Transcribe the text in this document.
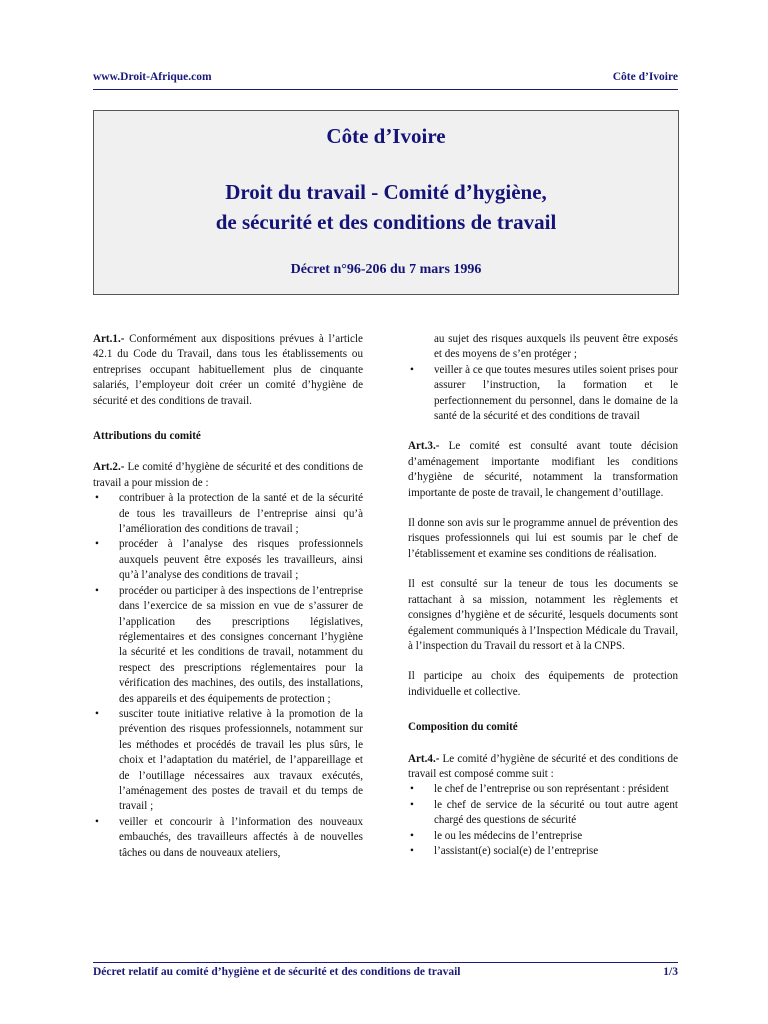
www.Droit-Afrique.com	Côte d’Ivoire
Côte d’Ivoire
Droit du travail - Comité d’hygiène,
de sécurité et des conditions de travail
Décret n°96-206 du 7 mars 1996

Art.1.- Conformément aux dispositions prévues à l’article 42.1 du Code du Travail, dans tous les établissements ou entreprises occupant habituellement plus de cinquante salariés, l’employeur doit créer un comité d’hygiène de sécurité et des conditions de travail.

Attributions du comité

Art.2.- Le comité d’hygiène de sécurité et des conditions de travail a pour mission de :

• contribuer à la protection de la santé et de la sécurité de tous les travailleurs de l’entreprise ainsi qu’à l’amélioration des conditions de travail ;
• procéder à l’analyse des risques professionnels auxquels peuvent être exposés les travailleurs, ainsi qu’à l’analyse des conditions de travail ;
• procéder ou participer à des inspections de l’entreprise dans l’exercice de sa mission en vue de s’assurer de l’application des prescriptions législatives, réglementaires et des consignes concernant l’hygiène la sécurité et les conditions de travail, notamment du respect des prescriptions réglementaires pour la vérification des machines, des outils, des installations, des appareils et des équipements de protection ;
• susciter toute initiative relative à la promotion de la prévention des risques professionnels, notamment sur les méthodes et procédés de travail les plus sûrs, le choix et l’adaptation du matériel, de l’appareillage et de l’outillage nécessaires aux travaux exécutés, l’aménagement des postes de travail et du temps de travail ;
• veiller et concourir à l’information des nouveaux embauchés, des travailleurs affectés à de nouvelles tâches ou dans de nouveaux ateliers,

au sujet des risques auxquels ils peuvent être exposés et des moyens de s’en protéger ;

• veiller à ce que toutes mesures utiles soient prises pour assurer l’instruction, la formation et le perfectionnement du personnel, dans le domaine de la santé de la sécurité et des conditions de travail

Art.3.- Le comité est consulté avant toute décision d’aménagement importante modifiant les conditions d’hygiène de sécurité, notamment la transformation importante de poste de travail, le changement d’outillage.

Il donne son avis sur le programme annuel de prévention des risques professionnels qui lui est soumis par le chef de l’établissement et examine ses conditions de réalisation.

Il est consulté sur la teneur de tous les documents se rattachant à sa mission, notamment les règlements et consignes d’hygiène et de sécurité, lesquels documents sont également communiqués à l’Inspection Médicale du Travail, à l’inspection du Travail du ressort et à la CNPS.

Il participe au choix des équipements de protection individuelle et collective.

Composition du comité

Art.4.- Le comité d’hygiène de sécurité et des conditions de travail est composé comme suit :

• le chef de l’entreprise ou son représentant : président
• le chef de service de la sécurité ou tout autre agent chargé des questions de sécurité
• le ou les médecins de l’entreprise
• l’assistant(e) social(e) de l’entreprise
Décret relatif au comité d’hygiène et de sécurité et des conditions de travail	1/3
